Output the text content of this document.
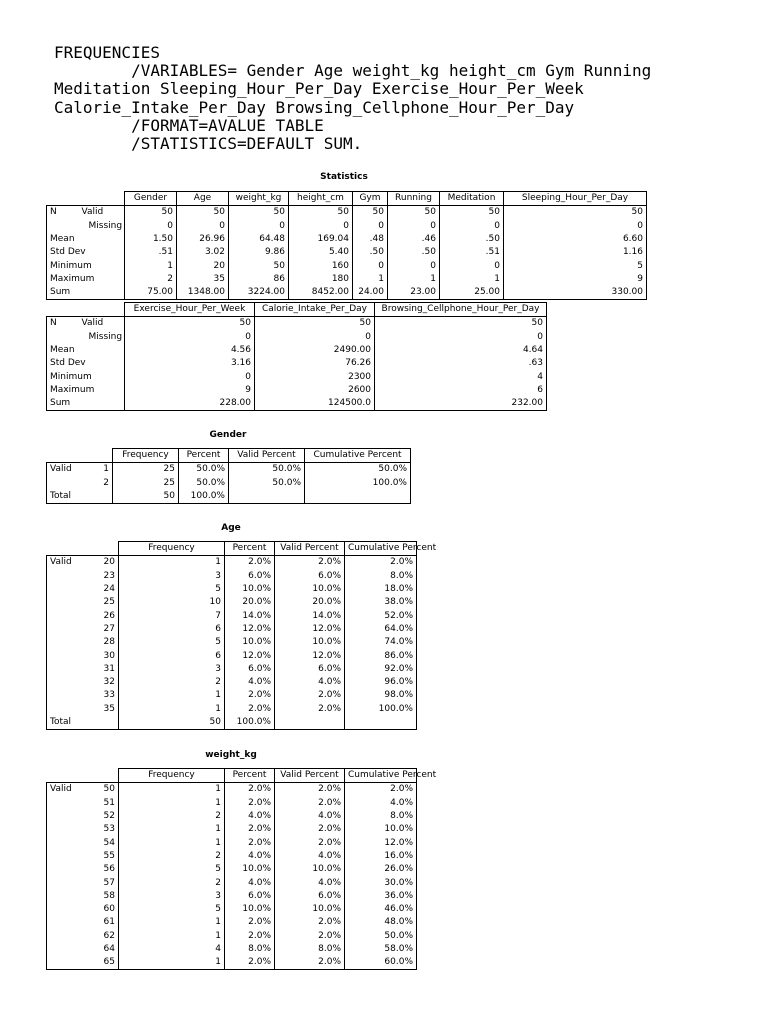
FREQUENCIES
/VARIABLES= Gender Age weight_kg height_cm Gym Running
Meditation Sleeping_Hour_Per_Day Exercise_Hour_Per_Week
Calorie_Intake_Per_Day Browsing_Cellphone_Hour_Per_Day
/FORMAT=AVALUE TABLE
/STATISTICS=DEFAULT SUM.
Statistics
		Gender	Age	weight_kg	height_cm	Gym	Running	Meditation	Sleeping_Hour_Per_Day
N	Valid	50	50	50	50	50	50	50	50
	Missing	0	0	0	0	0	0	0	0
Mean		1.50	26.96	64.48	169.04	.48	.46	.50	6.60
Std Dev		.51	3.02	9.86	5.40	.50	.50	.51	1.16
Minimum		1	20	50	160	0	0	0	5
Maximum		2	35	86	180	1	1	1	9
Sum		75.00	1348.00	3224.00	8452.00	24.00	23.00	25.00	330.00
		Exercise_Hour_Per_Week	Calorie_Intake_Per_Day	Browsing_Cellphone_Hour_Per_Day
N	Valid	50	50	50
	Missing	0	0	0
Mean		4.56	2490.00	4.64
Std Dev		3.16	76.26	.63
Minimum		0	2300	4
Maximum		9	2600	6
Sum		228.00	124500.0	232.00
Gender
		Frequency	Percent	Valid Percent	Cumulative Percent
Valid	1	25	50.0%	50.0%	50.0%
	2	25	50.0%	50.0%	100.0%
Total		50	100.0%		
Age
		Frequency	Percent	Valid Percent	Cumulative Percent
Valid	20	1	2.0%	2.0%	2.0%
	23	3	6.0%	6.0%	8.0%
	24	5	10.0%	10.0%	18.0%
	25	10	20.0%	20.0%	38.0%
	26	7	14.0%	14.0%	52.0%
	27	6	12.0%	12.0%	64.0%
	28	5	10.0%	10.0%	74.0%
	30	6	12.0%	12.0%	86.0%
	31	3	6.0%	6.0%	92.0%
	32	2	4.0%	4.0%	96.0%
	33	1	2.0%	2.0%	98.0%
	35	1	2.0%	2.0%	100.0%
Total		50	100.0%		
weight_kg
		Frequency	Percent	Valid Percent	Cumulative Percent
Valid	50	1	2.0%	2.0%	2.0%
	51	1	2.0%	2.0%	4.0%
	52	2	4.0%	4.0%	8.0%
	53	1	2.0%	2.0%	10.0%
	54	1	2.0%	2.0%	12.0%
	55	2	4.0%	4.0%	16.0%
	56	5	10.0%	10.0%	26.0%
	57	2	4.0%	4.0%	30.0%
	58	3	6.0%	6.0%	36.0%
	60	5	10.0%	10.0%	46.0%
	61	1	2.0%	2.0%	48.0%
	62	1	2.0%	2.0%	50.0%
	64	4	8.0%	8.0%	58.0%
	65	1	2.0%	2.0%	60.0%
